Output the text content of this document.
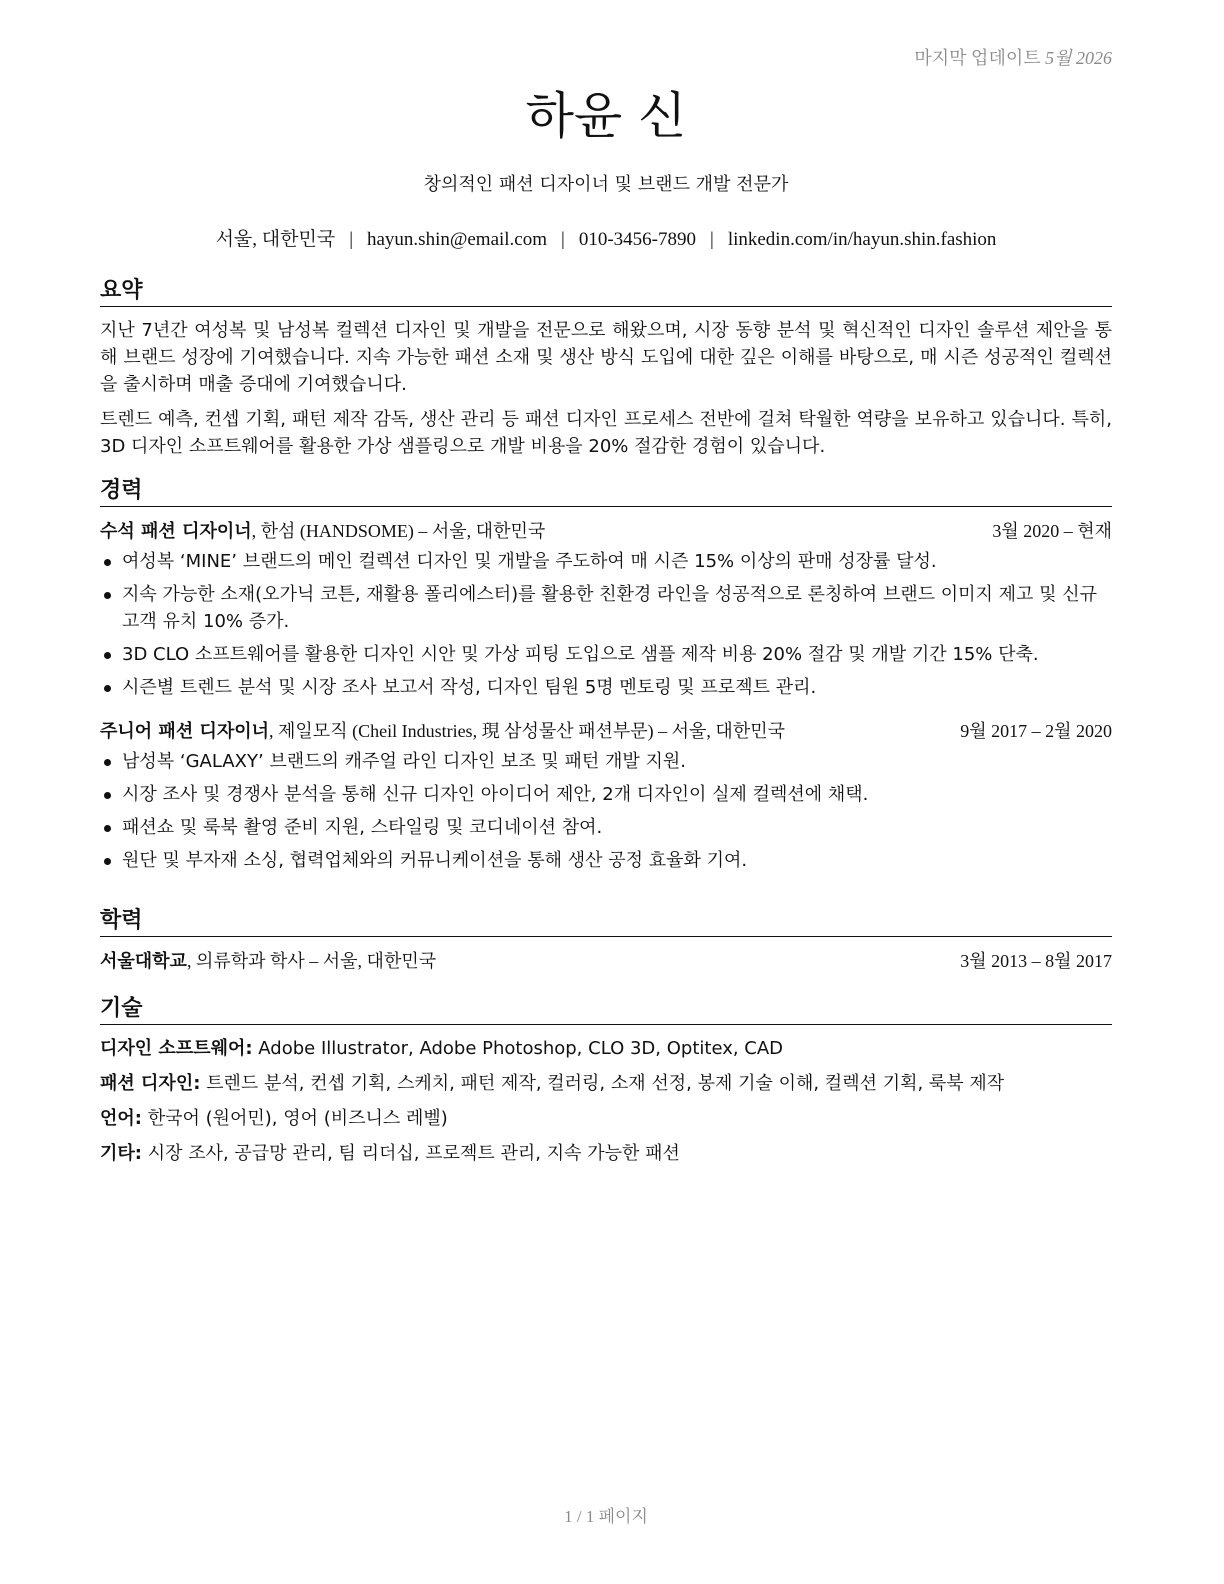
마지막 업데이트 5월 2026
하윤 신
창의적인 패션 디자이너 및 브랜드 개발 전문가
서울, 대한민국 | hayun.shin@email.com | 010-3456-7890 | linkedin.com/in/hayun.shin.fashion
요약

지난 7년간 여성복 및 남성복 컬렉션 디자인 및 개발을 전문으로 해왔으며, 시장 동향 분석 및 혁신적인 디자인 솔루션 제안을 통해 브랜드 성장에 기여했습니다. 지속 가능한 패션 소재 및 생산 방식 도입에 대한 깊은 이해를 바탕으로, 매 시즌 성공적인 컬렉션을 출시하며 매출 증대에 기여했습니다.

트렌드 예측, 컨셉 기획, 패턴 제작 감독, 생산 관리 등 패션 디자인 프로세스 전반에 걸쳐 탁월한 역량을 보유하고 있습니다. 특히, 3D 디자인 소프트웨어를 활용한 가상 샘플링으로 개발 비용을 20% 절감한 경험이 있습니다.

경력
수석 패션 디자이너, 한섬 (HANDSOME) – 서울, 대한민국	3월 2020 – 현재
여성복 ‘MINE’ 브랜드의 메인 컬렉션 디자인 및 개발을 주도하여 매 시즌 15% 이상의 판매 성장률 달성.
지속 가능한 소재(오가닉 코튼, 재활용 폴리에스터)를 활용한 친환경 라인을 성공적으로 론칭하여 브랜드 이미지 제고 및 신규 고객 유치 10% 증가.
3D CLO 소프트웨어를 활용한 디자인 시안 및 가상 피팅 도입으로 샘플 제작 비용 20% 절감 및 개발 기간 15% 단축.
시즌별 트렌드 분석 및 시장 조사 보고서 작성, 디자인 팀원 5명 멘토링 및 프로젝트 관리.
주니어 패션 디자이너, 제일모직 (Cheil Industries, 現 삼성물산 패션부문) – 서울, 대한민국	9월 2017 – 2월 2020
남성복 ‘GALAXY’ 브랜드의 캐주얼 라인 디자인 보조 및 패턴 개발 지원.
시장 조사 및 경쟁사 분석을 통해 신규 디자인 아이디어 제안, 2개 디자인이 실제 컬렉션에 채택.
패션쇼 및 룩북 촬영 준비 지원, 스타일링 및 코디네이션 참여.
원단 및 부자재 소싱, 협력업체와의 커뮤니케이션을 통해 생산 공정 효율화 기여.
학력
서울대학교, 의류학과 학사 – 서울, 대한민국	3월 2013 – 8월 2017
기술
디자인 소프트웨어: Adobe Illustrator, Adobe Photoshop, CLO 3D, Optitex, CAD
패션 디자인: 트렌드 분석, 컨셉 기획, 스케치, 패턴 제작, 컬러링, 소재 선정, 봉제 기술 이해, 컬렉션 기획, 룩북 제작
언어: 한국어 (원어민), 영어 (비즈니스 레벨)
기타: 시장 조사, 공급망 관리, 팀 리더십, 프로젝트 관리, 지속 가능한 패션
1 / 1 페이지
